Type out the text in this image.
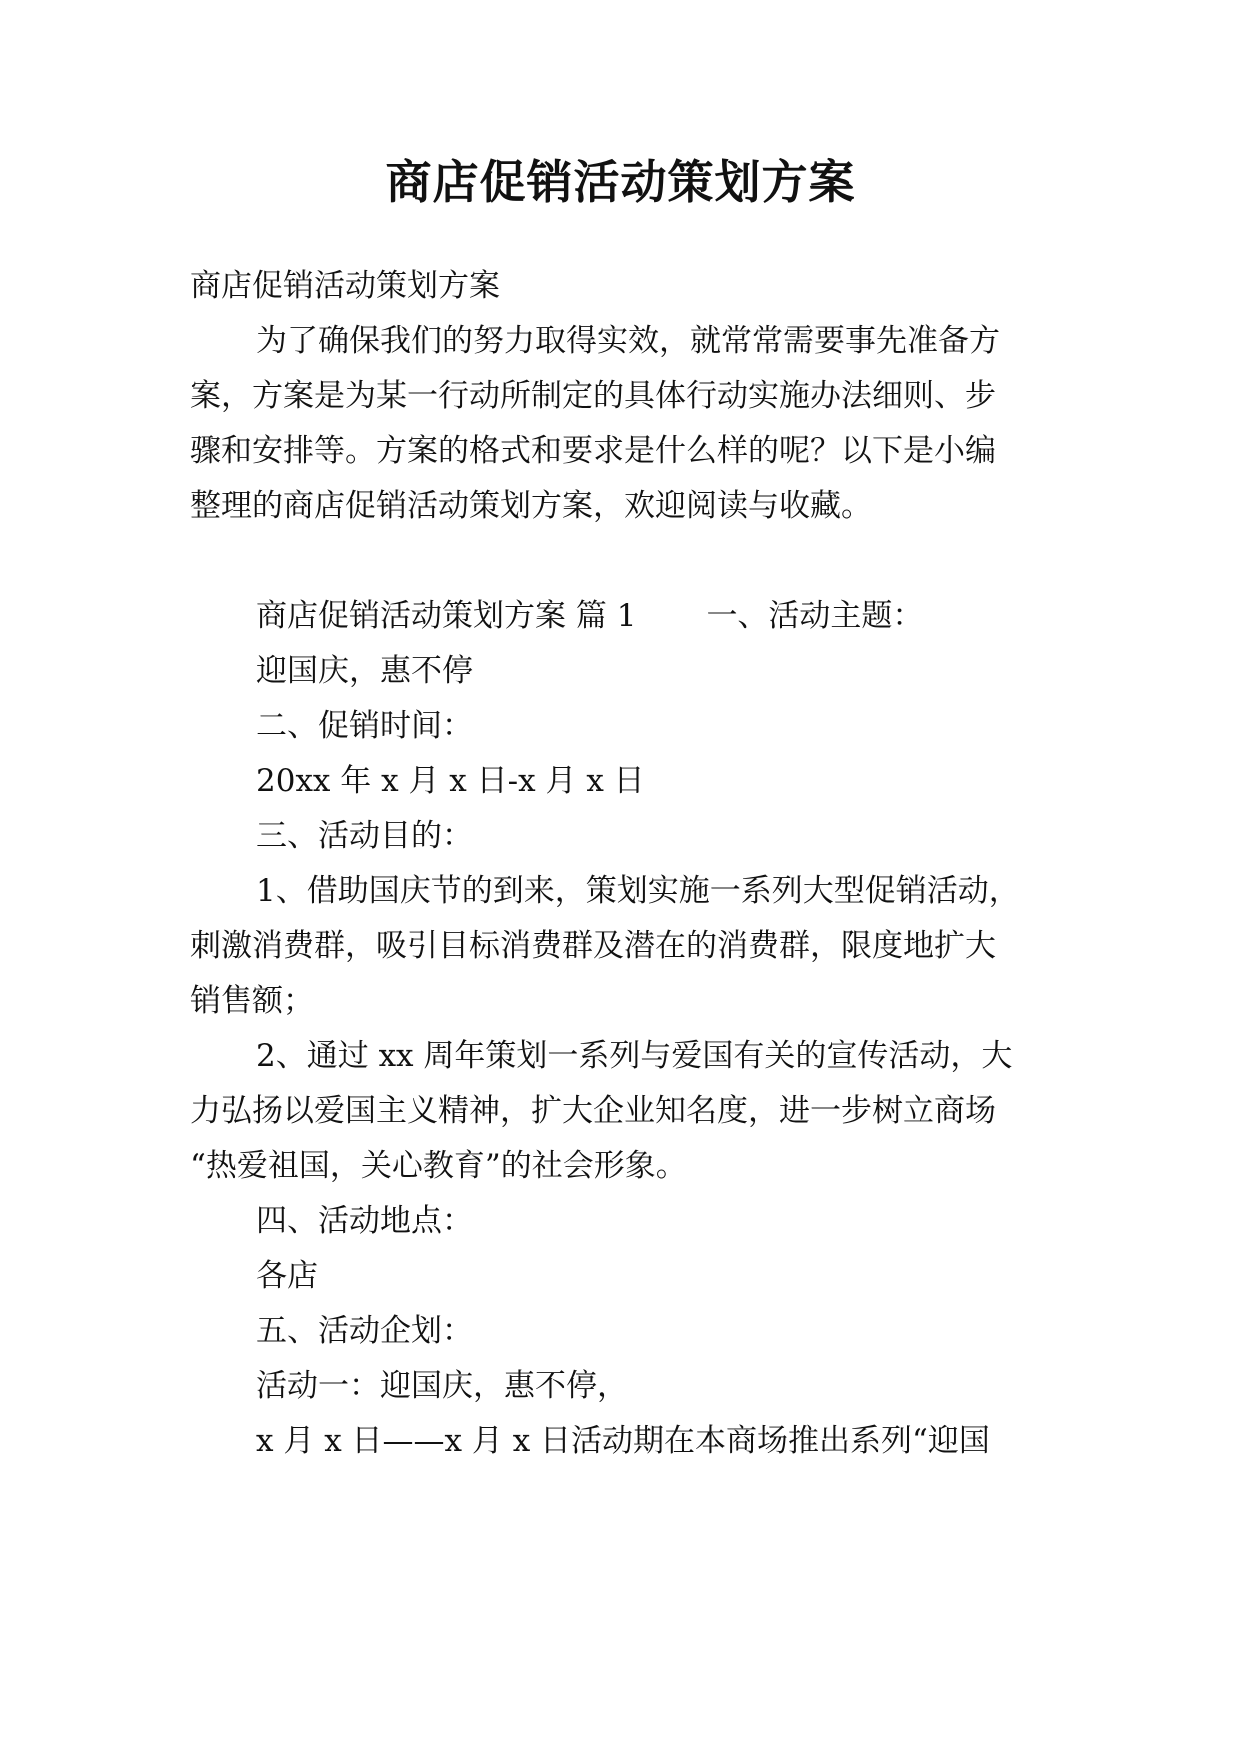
商店促销活动策划方案

商店促销活动策划方案

为了确保我们的努力取得实效，就常常需要事先准备方

案，方案是为某一行动所制定的具体行动实施办法细则、步

骤和安排等。方案的格式和要求是什么样的呢？以下是小编

整理的商店促销活动策划方案，欢迎阅读与收藏。

商店促销活动策划方案 篇 1 一、活动主题：

迎国庆，惠不停

二、促销时间：

20xx 年 x 月 x 日-x 月 x 日

三、活动目的：

1、借助国庆节的到来，策划实施一系列大型促销活动，

刺激消费群，吸引目标消费群及潜在的消费群，限度地扩大

销售额；

2、通过 xx 周年策划一系列与爱国有关的宣传活动，大

力弘扬以爱国主义精神，扩大企业知名度，进一步树立商场

“热爱祖国，关心教育”的社会形象。

四、活动地点：

各店

五、活动企划：

活动一：迎国庆，惠不停，

x 月 x 日——x 月 x 日活动期在本商场推出系列“迎国
